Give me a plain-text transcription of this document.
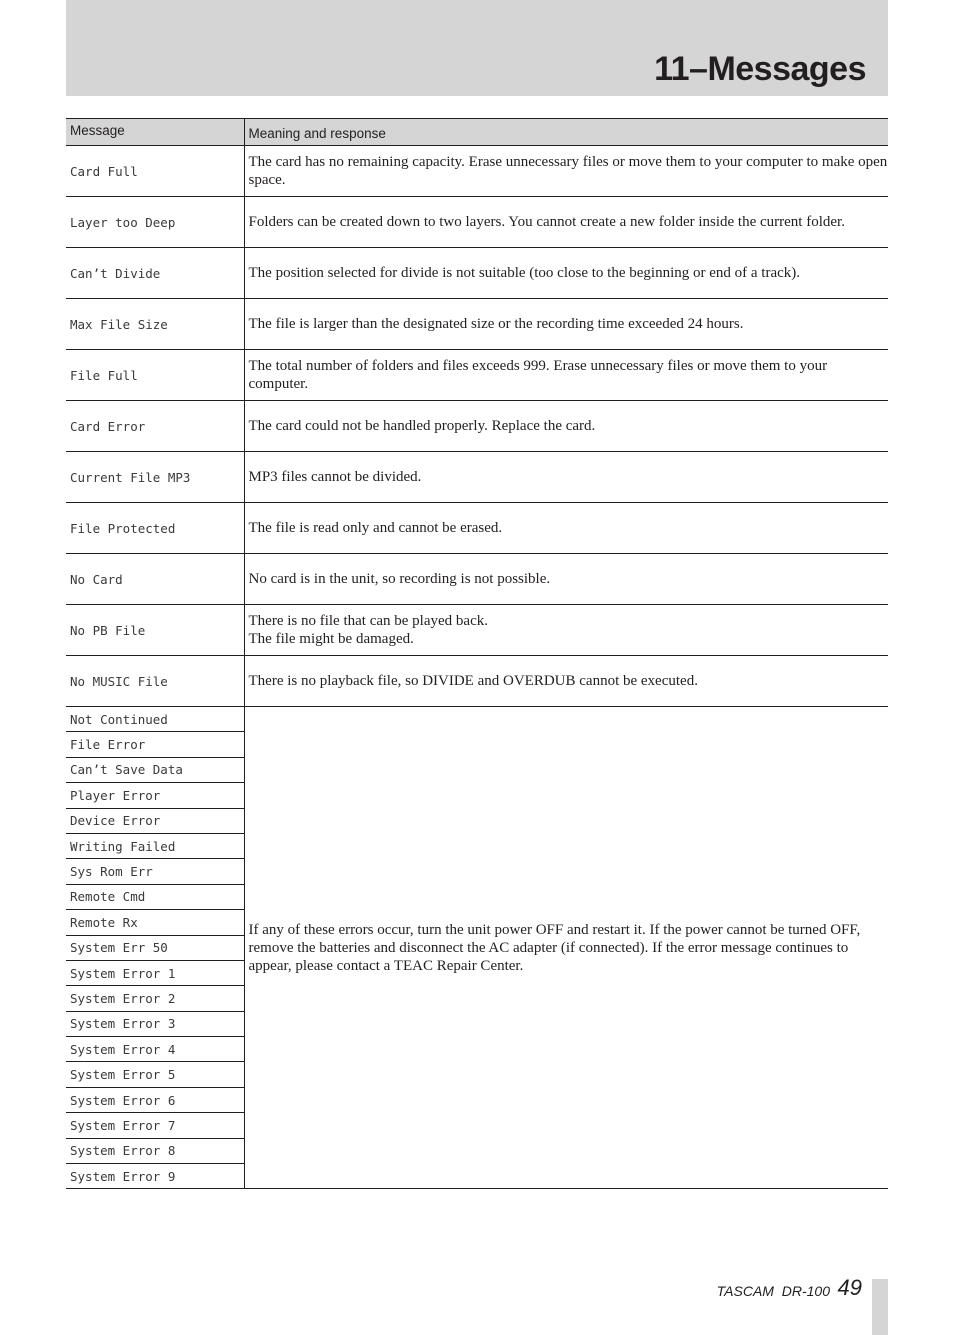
11–Messages
Message	Meaning and response
Card Full	The card has no remaining capacity. Erase unnecessary files or move them to your computer to make open space.
Layer too Deep	Folders can be created down to two layers. You cannot create a new folder inside the current folder.
Can’t Divide	The position selected for divide is not suitable (too close to the beginning or end of a track).
Max File Size	The file is larger than the designated size or the recording time exceeded 24 hours.
File Full	The total number of folders and files exceeds 999. Erase unnecessary files or move them to your computer.
Card Error	The card could not be handled properly. Replace the card.
Current File MP3	MP3 files cannot be divided.
File Protected	The file is read only and cannot be erased.
No Card	No card is in the unit, so recording is not possible.
No PB File	There is no file that can be played back.
The file might be damaged.

No MUSIC File	There is no playback file, so DIVIDE and OVERDUB cannot be executed.
Not Continued	If any of these errors occur, turn the unit power OFF and restart it. If the power cannot be turned OFF, remove the batteries and disconnect the AC adapter (if connected). If the error message continues to appear, please contact a TEAC Repair Center.
File Error	
Can’t Save Data	
Player Error	
Device Error	
Writing Failed	
Sys Rom Err	
Remote Cmd	
Remote Rx	
System Err 50	
System Error 1	
System Error 2	
System Error 3	
System Error 4	
System Error 5	
System Error 6	
System Error 7	
System Error 8	
System Error 9	
TASCAM  DR-100 49
